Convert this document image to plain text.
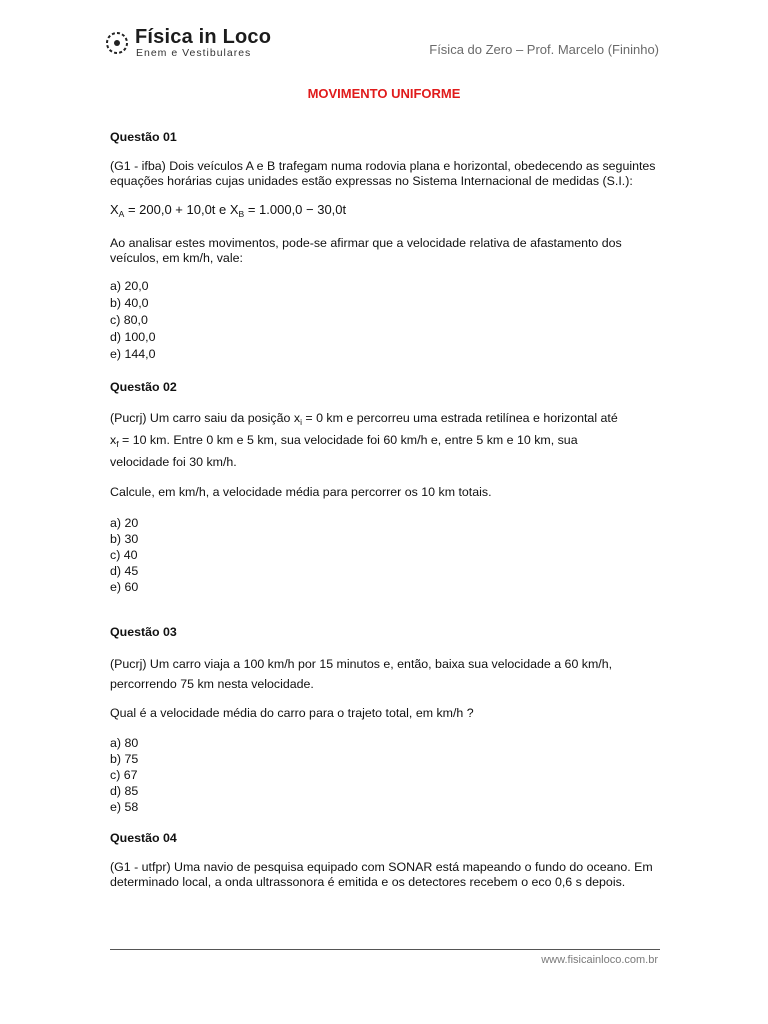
Física in Loco
Enem e Vestibulares	Física do Zero – Prof. Marcelo (Fininho)
MOVIMENTO UNIFORME

Questão 01

(G1 - ifba) Dois veículos A e B trafegam numa rodovia plana e horizontal, obedecendo as seguintes equações horárias cujas unidades estão expressas no Sistema Internacional de medidas (S.I.):

$X_A = 200,0 + 10,0t$ e $X_B = 1.000,0 - 30,0t$

Ao analisar estes movimentos, pode-se afirmar que a velocidade relativa de afastamento dos veículos, em km/h, vale:

a) 20,0

b) 40,0

c) 80,0

d) 100,0

e) 144,0

Questão 02

(Pucrj) Um carro saiu da posição $x_i = 0$ km e percorreu uma estrada retilínea e horizontal até

$x_f = 10$ km. Entre 0 km e 5 km, sua velocidade foi 60 km/h e, entre 5 km e 10 km, sua

velocidade foi 30 km/h.

Calcule, em km/h, a velocidade média para percorrer os 10 km totais.

a) 20

b) 30

c) 40

d) 45

e) 60

Questão 03

(Pucrj) Um carro viaja a 100 km/h por 15 minutos e, então, baixa sua velocidade a 60 km/h,

percorrendo 75 km nesta velocidade.

Qual é a velocidade média do carro para o trajeto total, em km/h ?

a) 80

b) 75

c) 67

d) 85

e) 58

Questão 04

(G1 - utfpr) Uma navio de pesquisa equipado com SONAR está mapeando o fundo do oceano. Em determinado local, a onda ultrassonora é emitida e os detectores recebem o eco 0,6 s depois.

www.fisicainloco.com.br
